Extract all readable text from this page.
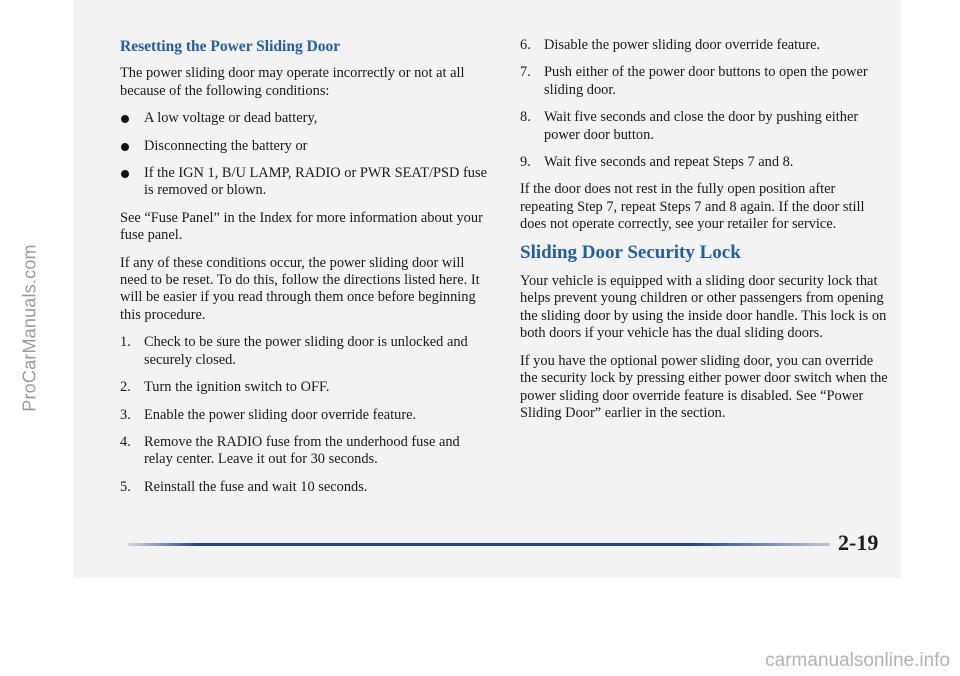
ProCarManuals.com
Resetting the Power Sliding Door

The power sliding door may operate incorrectly or not at all because of the following conditions:

A low voltage or dead battery,
Disconnecting the battery or
If the IGN 1, B/U LAMP, RADIO or PWR SEAT/PSD fuse is removed or blown.

See “Fuse Panel” in the Index for more information about your fuse panel.

If any of these conditions occur, the power sliding door will need to be reset. To do this, follow the directions listed here. It will be easier if you read through them once before beginning this procedure.

1. Check to be sure the power sliding door is unlocked and securely closed.
2. Turn the ignition switch to OFF.
3. Enable the power sliding door override feature.
4. Remove the RADIO fuse from the underhood fuse and relay center. Leave it out for 30 seconds.
5. Reinstall the fuse and wait 10 seconds.
6. Disable the power sliding door override feature.
7. Push either of the power door buttons to open the power sliding door.
8. Wait five seconds and close the door by pushing either power door button.
9. Wait five seconds and repeat Steps 7 and 8.

If the door does not rest in the fully open position after repeating Step 7, repeat Steps 7 and 8 again. If the door still does not operate correctly, see your retailer for service.

Sliding Door Security Lock

Your vehicle is equipped with a sliding door security lock that helps prevent young children or other passengers from opening the sliding door by using the inside door handle. This lock is on both doors if your vehicle has the dual sliding doors.

If you have the optional power sliding door, you can override the security lock by pressing either power door switch when the power sliding door override feature is disabled. See “Power Sliding Door” earlier in the section.

2-19
carmanualsonline.info
